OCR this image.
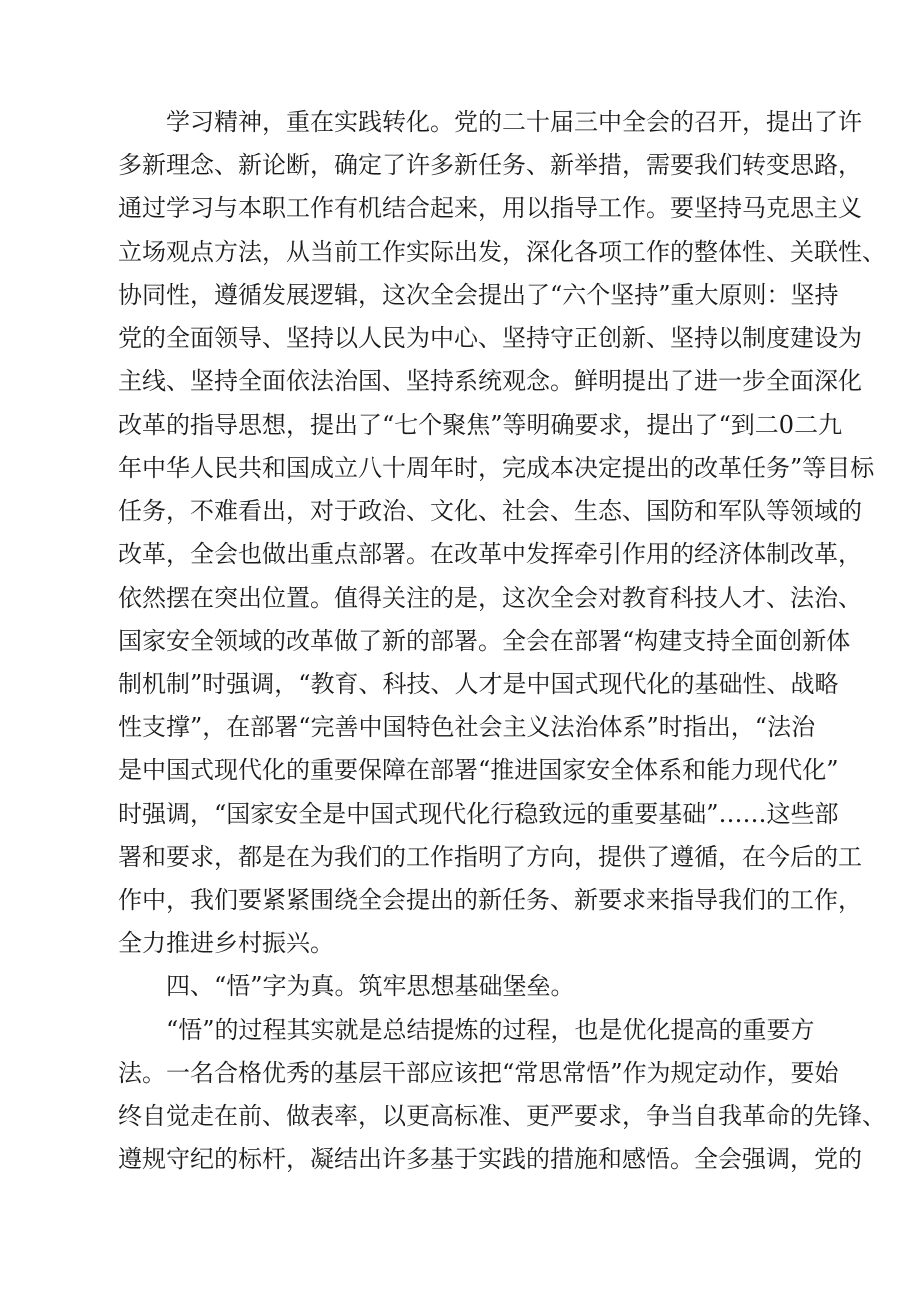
学习精神，重在实践转化。党的二十届三中全会的召开，提出了许
多新理念、新论断，确定了许多新任务、新举措，需要我们转变思路，
通过学习与本职工作有机结合起来，用以指导工作。要坚持马克思主义
立场观点方法，从当前工作实际出发，深化各项工作的整体性、关联性、
协同性，遵循发展逻辑，这次全会提出了“六个坚持”重大原则：坚持
党的全面领导、坚持以人民为中心、坚持守正创新、坚持以制度建设为
主线、坚持全面依法治国、坚持系统观念。鲜明提出了进一步全面深化
改革的指导思想，提出了“七个聚焦”等明确要求，提出了“到二0二九
年中华人民共和国成立八十周年时，完成本决定提出的改革任务”等目标
任务，不难看出，对于政治、文化、社会、生态、国防和军队等领域的
改革，全会也做出重点部署。在改革中发挥牵引作用的经济体制改革，
依然摆在突出位置。值得关注的是，这次全会对教育科技人才、法治、
国家安全领域的改革做了新的部署。全会在部署“构建支持全面创新体
制机制”时强调，“教育、科技、人才是中国式现代化的基础性、战略
性支撑”，在部署“完善中国特色社会主义法治体系”时指出，“法治
是中国式现代化的重要保障在部署“推进国家安全体系和能力现代化”
时强调，“国家安全是中国式现代化行稳致远的重要基础”……这些部
署和要求，都是在为我们的工作指明了方向，提供了遵循，在今后的工
作中，我们要紧紧围绕全会提出的新任务、新要求来指导我们的工作，
全力推进乡村振兴。
四、“悟”字为真。筑牢思想基础堡垒。
“悟”的过程其实就是总结提炼的过程，也是优化提高的重要方
法。一名合格优秀的基层干部应该把“常思常悟”作为规定动作，要始
终自觉走在前、做表率，以更高标准、更严要求，争当自我革命的先锋、
遵规守纪的标杆，凝结出许多基于实践的措施和感悟。全会强调，党的
